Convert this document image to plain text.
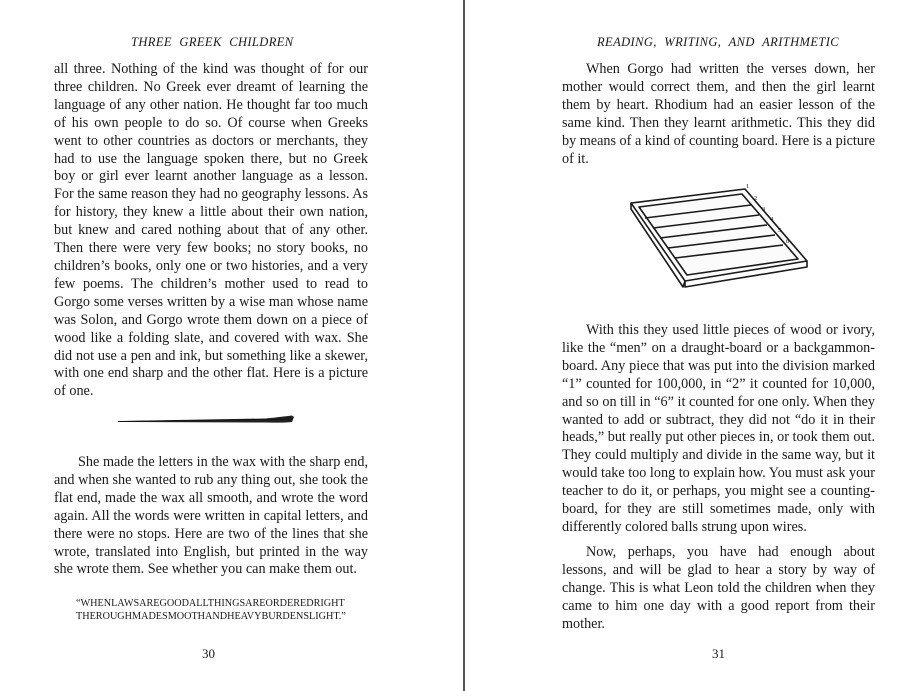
THREE GREEK CHILDREN

all three. Nothing of the kind was thought of for our three children. No Greek ever dreamt of learning the language of any other nation. He thought far too much of his own people to do so. Of course when Greeks went to other countries as doctors or merchants, they had to use the language spoken there, but no Greek boy or girl ever learnt another language as a lesson. For the same reason they had no geography lessons. As for history, they knew a little about their own nation, but knew and cared nothing about that of any other. Then there were very few books; no story books, no children’s books, only one or two histories, and a very few poems. The children’s mother used to read to Gorgo some verses written by a wise man whose name was Solon, and Gorgo wrote them down on a piece of wood like a folding slate, and covered with wax. She did not use a pen and ink, but something like a skewer, with one end sharp and the other flat. Here is a picture of one.

She made the letters in the wax with the sharp end, and when she wanted to rub any thing out, she took the flat end, made the wax all smooth, and wrote the word again. All the words were written in capital letters, and there were no stops. Here are two of the lines that she wrote, translated into English, but printed in the way she wrote them. See whether you can make them out.

“WHENLAWSAREGOODALLTHINGSAREORDEREDRIGHT
THEROUGHMADESMOOTHANDHEAVYBURDENSLIGHT.”
30
READING, WRITING, AND ARITHMETIC

When Gorgo had written the verses down, her mother would correct them, and then the girl learnt them by heart. Rhodium had an easier lesson of the same kind. Then they learnt arithmetic. This they did by means of a kind of counting board. Here is a picture of it.

1
2
3
4
5
6

With this they used little pieces of wood or ivory, like the “men” on a draught-board or a backgammon-board. Any piece that was put into the division marked “1” counted for 100,000, in “2” it counted for 10,000, and so on till in “6” it counted for one only. When they wanted to add or subtract, they did not “do it in their heads,” but really put other pieces in, or took them out. They could multiply and divide in the same way, but it would take too long to explain how. You must ask your teacher to do it, or perhaps, you might see a counting-board, for they are still sometimes made, only with differently colored balls strung upon wires.

Now, perhaps, you have had enough about lessons, and will be glad to hear a story by way of change. This is what Leon told the children when they came to him one day with a good report from their mother.

31
